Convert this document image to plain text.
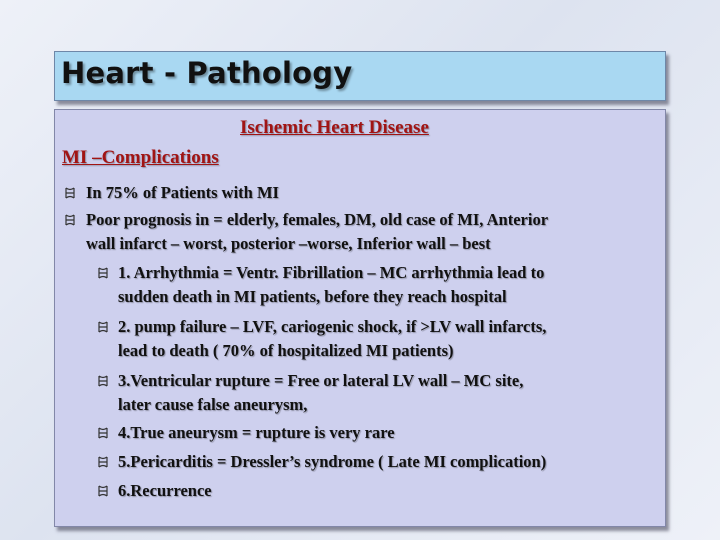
Heart - Pathology
Ischemic Heart Disease
MI –Complications
In 75% of Patients with MI
Poor prognosis in = elderly, females, DM, old case of MI, Anterior
wall infarct – worst, posterior –worse, Inferior wall – best
1. Arrhythmia = Ventr. Fibrillation – MC arrhythmia lead to
sudden death in MI patients, before they reach hospital
2. pump failure – LVF, cariogenic shock, if >LV wall infarcts,
lead to death ( 70% of hospitalized MI patients)
3.Ventricular rupture = Free or lateral LV wall – MC site,
later cause false aneurysm,
4.True aneurysm = rupture is very rare
5.Pericarditis = Dressler’s syndrome ( Late MI complication)
6.Recurrence
